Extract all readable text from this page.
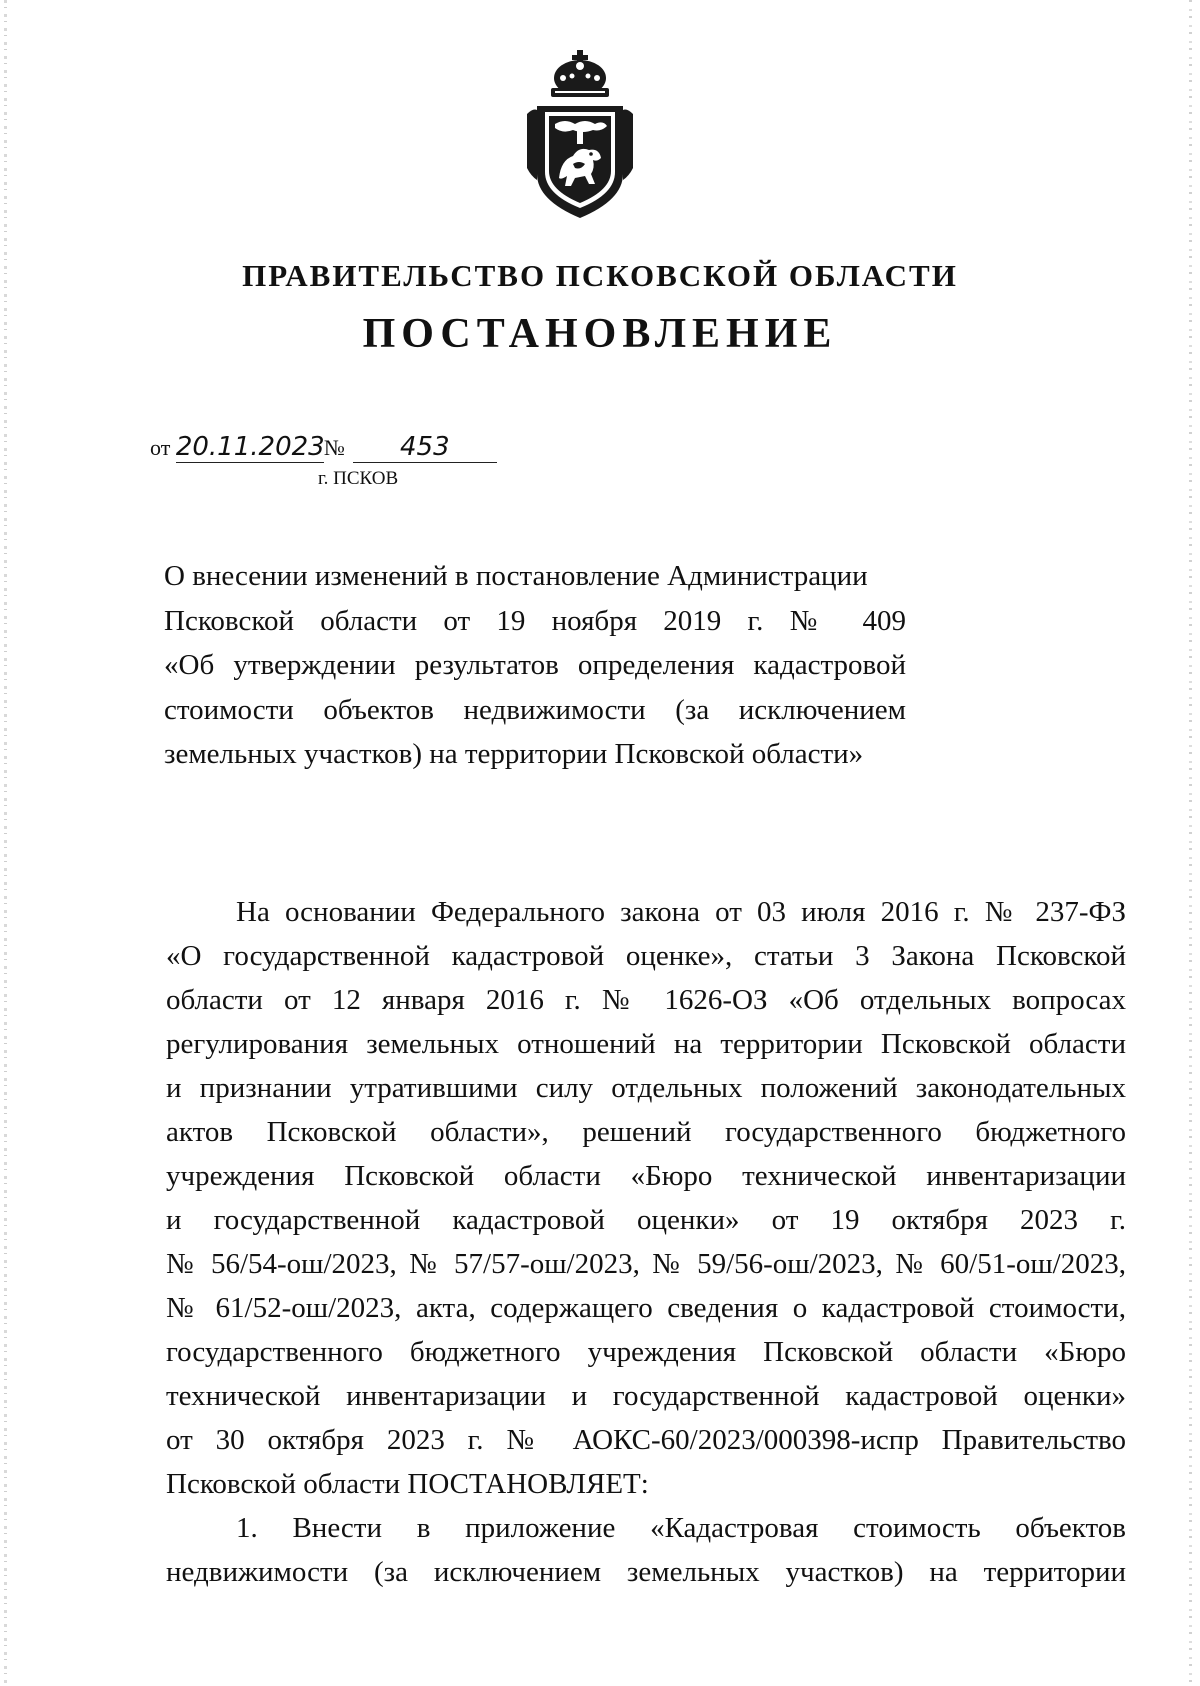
ПРАВИТЕЛЬСТВО ПСКОВСКОЙ ОБЛАСТИ
ПОСТАНОВЛЕНИЕ
от 20.11.2023№ 453
г. ПСКОВ
О внесении изменений в постановление Администрации
Псковской области от 19 ноября 2019 г. № 409
«Об утверждении результатов определения кадастровой
стоимости объектов недвижимости (за исключением
земельных участков) на территории Псковской области»
На основании Федерального закона от 03 июля 2016 г. № 237-ФЗ
«О государственной кадастровой оценке», статьи 3 Закона Псковской
области от 12 января 2016 г. № 1626-ОЗ «Об отдельных вопросах
регулирования земельных отношений на территории Псковской области
и признании утратившими силу отдельных положений законодательных
актов Псковской области», решений государственного бюджетного
учреждения Псковской области «Бюро технической инвентаризации
и государственной кадастровой оценки» от 19 октября 2023 г.
№ 56/54-ош/2023, № 57/57-ош/2023, № 59/56-ош/2023, № 60/51-ош/2023,
№ 61/52-ош/2023, акта, содержащего сведения о кадастровой стоимости,
государственного бюджетного учреждения Псковской области «Бюро
технической инвентаризации и государственной кадастровой оценки»
от 30 октября 2023 г. № АОКС-60/2023/000398-испр Правительство
Псковской области ПОСТАНОВЛЯЕТ:
1. Внести в приложение «Кадастровая стоимость объектов
недвижимости (за исключением земельных участков) на территории
